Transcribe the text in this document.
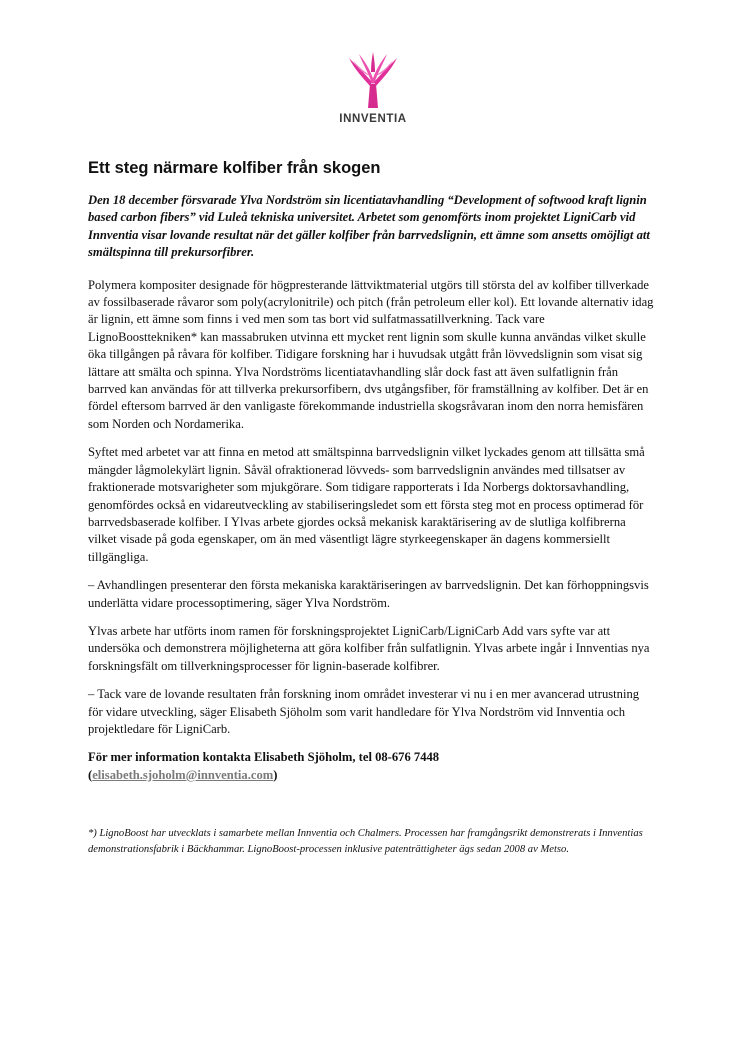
INNVENTIA
Ett steg närmare kolfiber från skogen

Den 18 december försvarade Ylva Nordström sin licentiatavhandling “Development of softwood kraft lignin based carbon fibers” vid Luleå tekniska universitet. Arbetet som genomförts inom projektet LigniCarb vid Innventia visar lovande resultat när det gäller kolfiber från barrvedslignin, ett ämne som ansetts omöjligt att smältspinna till prekursorfibrer.

Polymera kompositer designade för högpresterande lättviktmaterial utgörs till största del av kolfiber tillverkade av fossilbaserade råvaror som poly(acrylonitrile) och pitch (från petroleum eller kol). Ett lovande alternativ idag är lignin, ett ämne som finns i ved men som tas bort vid sulfatmassatillverkning. Tack vare LignoBoosttekniken* kan massabruken utvinna ett mycket rent lignin som skulle kunna användas vilket skulle öka tillgången på råvara för kolfiber. Tidigare forskning har i huvudsak utgått från lövvedslignin som visat sig lättare att smälta och spinna. Ylva Nordströms licentiatavhandling slår dock fast att även sulfatlignin från barrved kan användas för att tillverka prekursorfibern, dvs utgångsfiber, för framställning av kolfiber. Det är en fördel eftersom barrved är den vanligaste förekommande industriella skogsråvaran inom den norra hemisfären som Norden och Nordamerika.

Syftet med arbetet var att finna en metod att smältspinna barrvedslignin vilket lyckades genom att tillsätta små mängder lågmolekylärt lignin. Såväl ofraktionerad lövveds- som barrvedslignin användes med tillsatser av fraktionerade motsvarigheter som mjukgörare. Som tidigare rapporterats i Ida Norbergs doktorsavhandling, genomfördes också en vidareutveckling av stabiliseringsledet som ett första steg mot en process optimerad för barrvedsbaserade kolfiber. I Ylvas arbete gjordes också mekanisk karaktärisering av de slutliga kolfibrerna vilket visade på goda egenskaper, om än med väsentligt lägre styrkeegenskaper än dagens kommersiellt tillgängliga.

– Avhandlingen presenterar den första mekaniska karaktäriseringen av barrvedslignin. Det kan förhoppningsvis underlätta vidare processoptimering, säger Ylva Nordström.

Ylvas arbete har utförts inom ramen för forskningsprojektet LigniCarb/LigniCarb Add vars syfte var att undersöka och demonstrera möjligheterna att göra kolfiber från sulfatlignin. Ylvas arbete ingår i Innventias nya forskningsfält om tillverkningsprocesser för lignin-baserade kolfibrer.

– Tack vare de lovande resultaten från forskning inom området investerar vi nu i en mer avancerad utrustning för vidare utveckling, säger Elisabeth Sjöholm som varit handledare för Ylva Nordström vid Innventia och projektledare för LigniCarb.

För mer information kontakta Elisabeth Sjöholm, tel 08-676 7448
(elisabeth.sjoholm@innventia.com)

*) LignoBoost har utvecklats i samarbete mellan Innventia och Chalmers. Processen har framgångsrikt demonstrerats i Innventias demonstrationsfabrik i Bäckhammar. LignoBoost-processen inklusive patenträttigheter ägs sedan 2008 av Metso.
